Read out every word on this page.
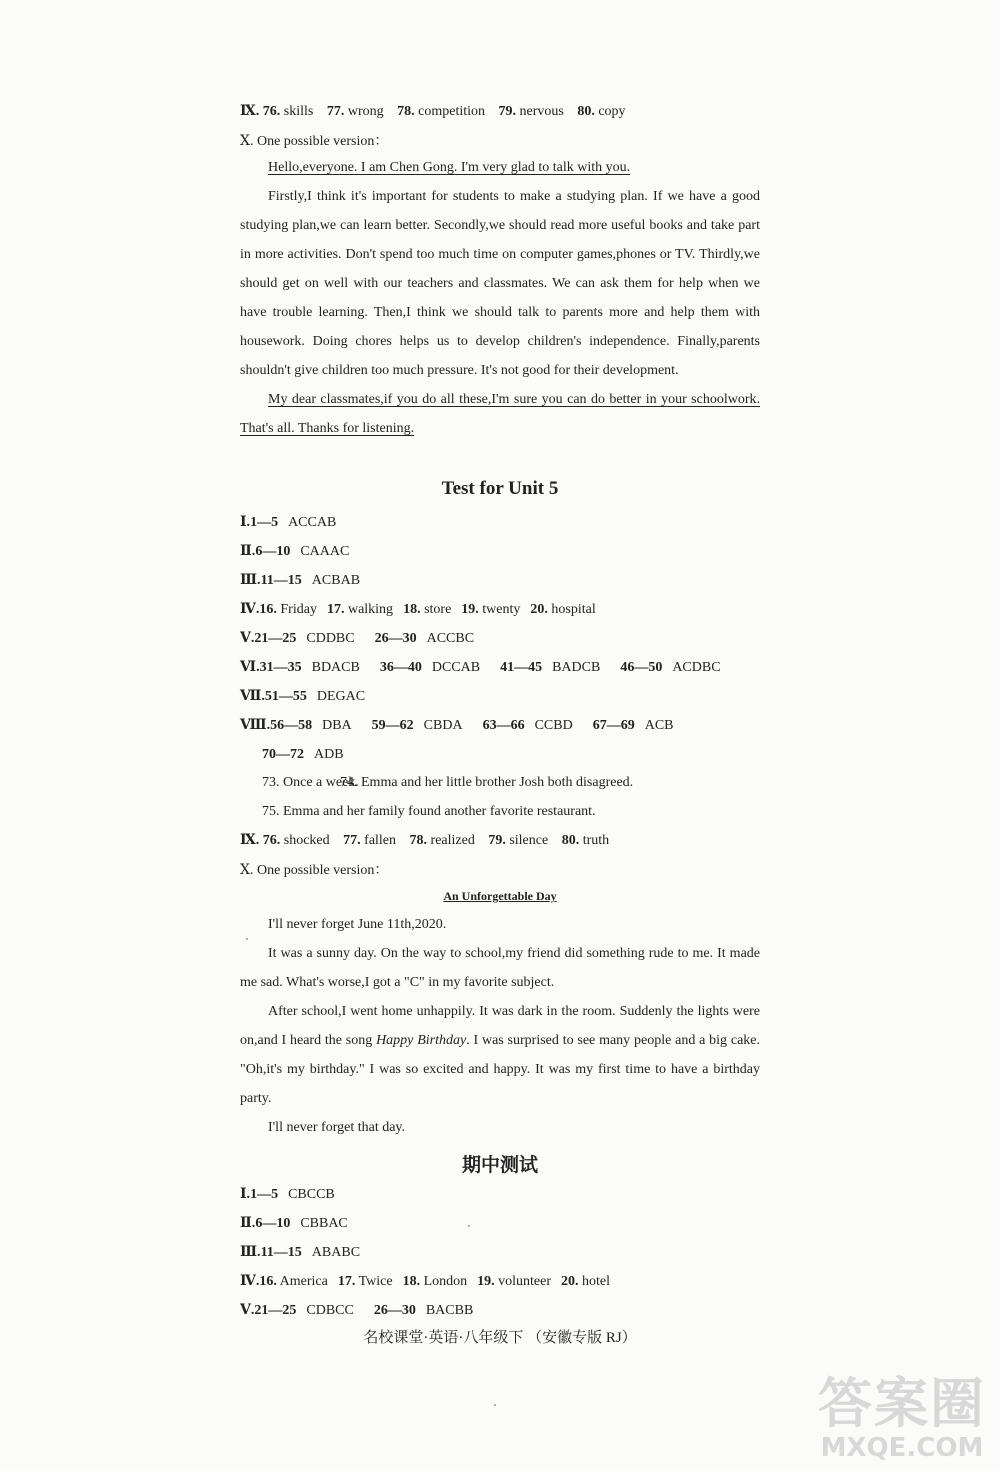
Ⅸ. 76. skills 77. wrong 78. competition 79. nervous 80. copy
Ⅹ. One possible version：
Hello,everyone. I am Chen Gong. I'm very glad to talk with you.
Firstly,I think it's important for students to make a studying plan. If we have a good studying plan,we can learn better. Secondly,we should read more useful books and take part in more activities. Don't spend too much time on computer games,phones or TV. Thirdly,we should get on well with our teachers and classmates. We can ask them for help when we have trouble learning. Then,I think we should talk to parents more and help them with housework. Doing chores helps us to develop children's independence. Finally,parents shouldn't give children too much pressure. It's not good for their development.
My dear classmates,if you do all these,I'm sure you can do better in your schoolwork. That's all. Thanks for listening.
Test for Unit 5
Ⅰ.1—5 ACCAB
Ⅱ.6—10 CAAAC
Ⅲ.11—15 ACBAB
Ⅳ.16. Friday 17. walking 18. store 19. twenty 20. hospital
Ⅴ.21—25 CDDBC 26—30 ACCBC
Ⅵ.31—35 BDACB 36—40 DCCAB 41—45 BADCB 46—50 ACDBC
Ⅶ.51—55 DEGAC
Ⅷ.56—58 DBA 59—62 CBDA 63—66 CCBD 67—69 ACB
70—72 ADB
73. Once a week.
74. Emma and her little brother Josh both disagreed.
75. Emma and her family found another favorite restaurant.
Ⅸ. 76. shocked 77. fallen 78. realized 79. silence 80. truth
Ⅹ. One possible version：
An Unforgettable Day
I'll never forget June 11th,2020.
It was a sunny day. On the way to school,my friend did something rude to me. It made me sad. What's worse,I got a "C" in my favorite subject.
After school,I went home unhappily. It was dark in the room. Suddenly the lights were on,and I heard the song Happy Birthday. I was surprised to see many people and a big cake. "Oh,it's my birthday." I was so excited and happy. It was my first time to have a birthday party.
I'll never forget that day.
期中测试
Ⅰ.1—5 CBCCB
Ⅱ.6—10 CBBAC
Ⅲ.11—15 ABABC
Ⅳ.16. America 17. Twice 18. London 19. volunteer 20. hotel
Ⅴ.21—25 CDBCC 26—30 BACBB
名校课堂·英语·八年级下 （安徽专版 RJ）
答案圈
MXQE.COM
